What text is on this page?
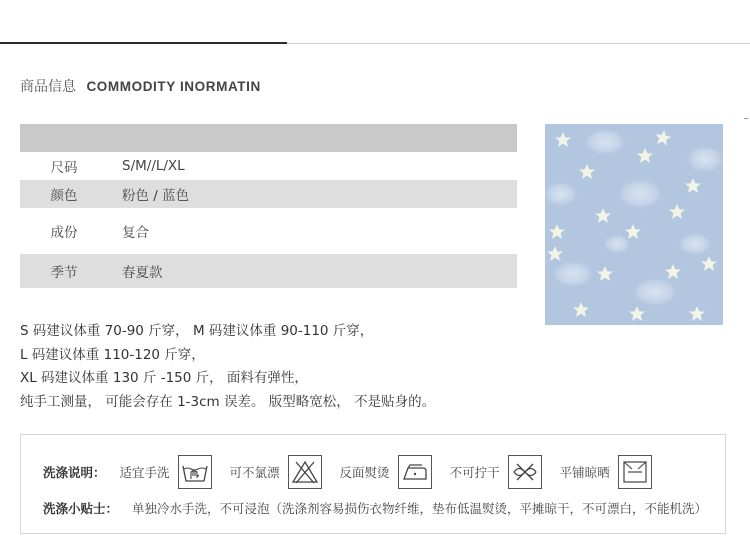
商品信息 COMMODITY INORMATIN
尺码	S/M//L/XL
颜色	粉色 / 蓝色
成份	复合
季节	春夏款
S 码建议体重 70-90 斤穿， M 码建议体重 90-110 斤穿，
L 码建议体重 110-120 斤穿，
XL 码建议体重 130 斤 -150 斤， 面料有弹性，
纯手工测量， 可能会存在 1-3cm 误差。 版型略宽松， 不是贴身的。
洗涤说明： 适宜手洗	可不氯漂	反面熨烫	不可拧干	平铺晾晒
洗涤小贴士： 单独冷水手洗，不可浸泡（洗涤剂容易损伤衣物纤维，垫布低温熨烫，平摊晾干，不可漂白，不能机洗）
